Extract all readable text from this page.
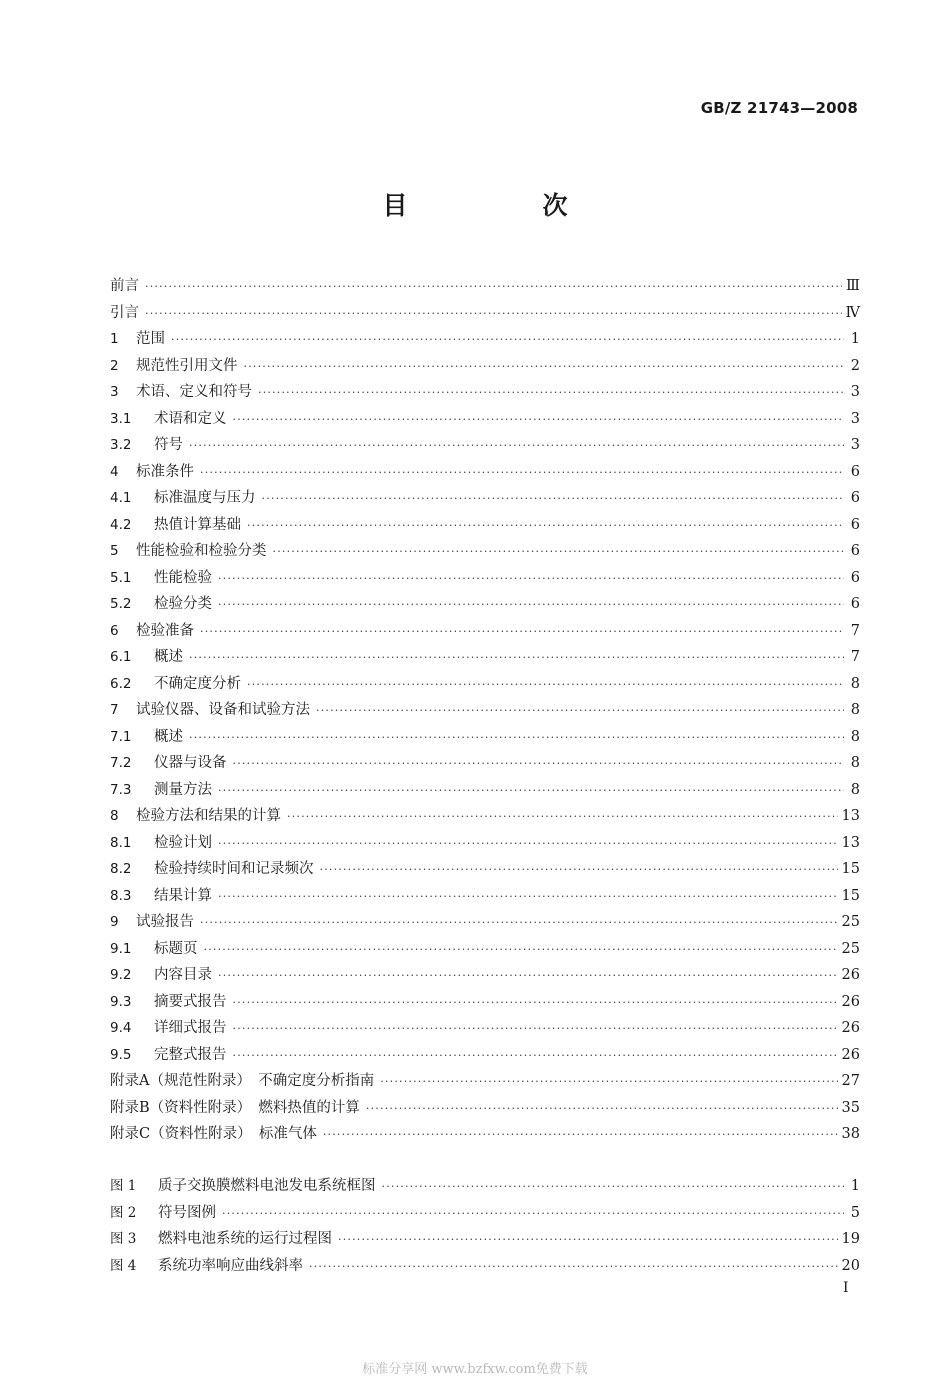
GB/Z 21743—2008
目　次
前言 ·····	Ⅲ
引言 ·····	Ⅳ
1	范围 ·····	1
2	规范性引用文件 ·····	2
3	术语、定义和符号 ·····	3
3.1	术语和定义 ·····	3
3.2	符号 ·····	3
4	标准条件 ·····	6
4.1	标准温度与压力 ·····	6
4.2	热值计算基础 ·····	6
5	性能检验和检验分类 ·····	6
5.1	性能检验 ·····	6
5.2	检验分类 ·····	6
6	检验准备 ·····	7
6.1	概述 ·····	7
6.2	不确定度分析 ·····	8
7	试验仪器、设备和试验方法 ·····	8
7.1	概述 ·····	8
7.2	仪器与设备 ·····	8
7.3	测量方法 ·····	8
8	检验方法和结果的计算 ·····	13
8.1	检验计划 ·····	13
8.2	检验持续时间和记录频次 ·····	15
8.3	结果计算 ·····	15
9	试验报告 ·····	25
9.1	标题页 ·····	25
9.2	内容目录 ·····	26
9.3	摘要式报告 ·····	26
9.4	详细式报告 ·····	26
9.5	完整式报告 ·····	26
附录A（规范性附录）　不确定度分析指南 ·····	27
附录B（资料性附录）　燃料热值的计算 ·····	35
附录C（资料性附录）　标准气体 ·····	38
图 1	质子交换膜燃料电池发电系统框图 ·····	1
图 2	符号图例 ·····	5
图 3	燃料电池系统的运行过程图 ·····	19
图 4	系统功率响应曲线斜率 ·····	20
I
标准分享网 www.bzfxw.com免费下载
